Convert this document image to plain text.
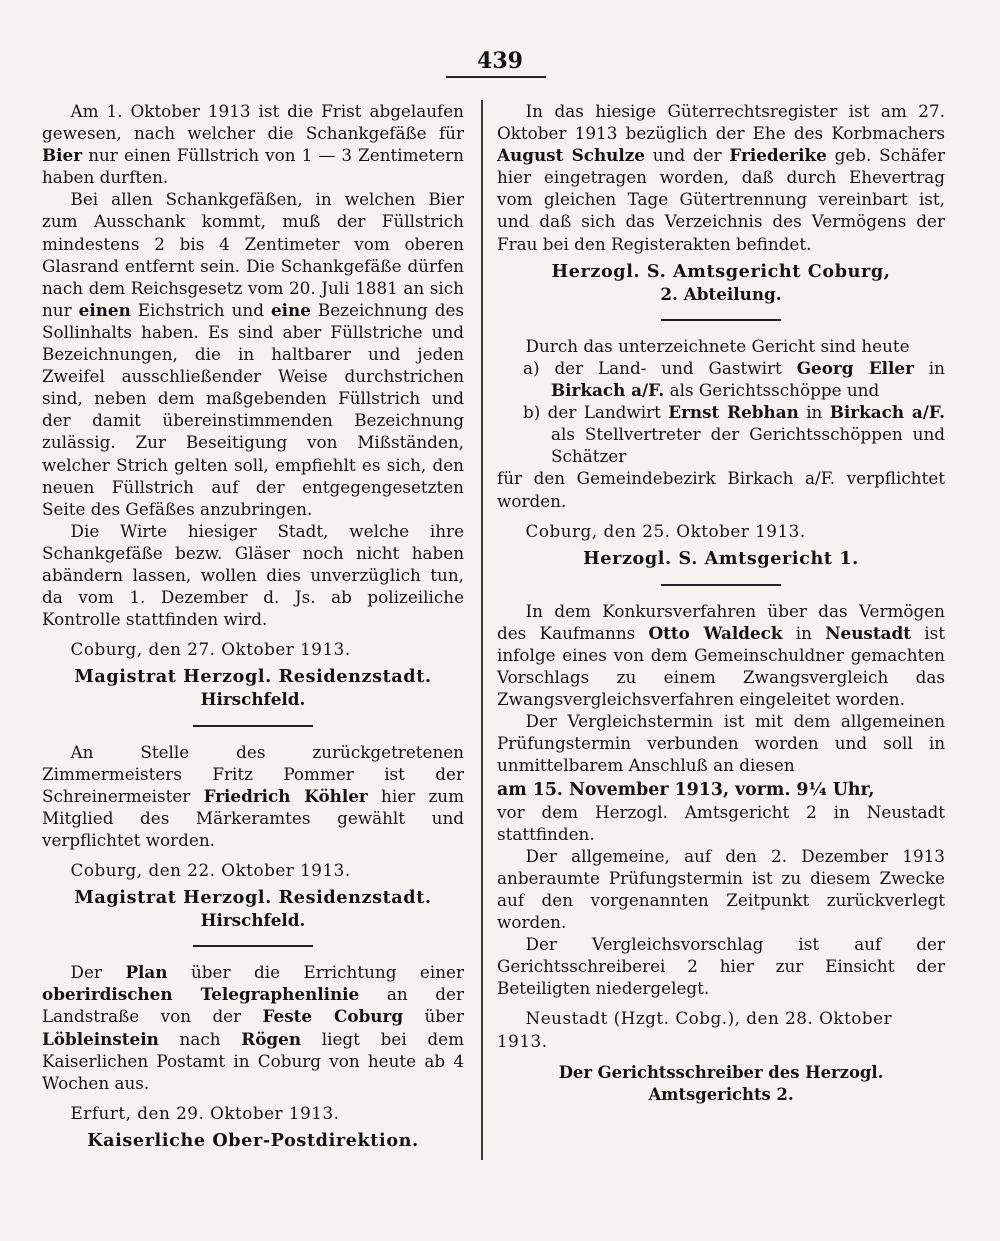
439

Am 1. Oktober 1913 ist die Frist abgelaufen gewesen, nach welcher die Schankgefäße für Bier nur einen Füllstrich von 1 — 3 Zentimetern haben durften.

Bei allen Schankgefäßen, in welchen Bier zum Ausschank kommt, muß der Füllstrich mindestens 2 bis 4 Zentimeter vom oberen Glasrand entfernt sein. Die Schankgefäße dürfen nach dem Reichsgesetz vom 20. Juli 1881 an sich nur einen Eichstrich und eine Bezeichnung des Sollinhalts haben. Es sind aber Füllstriche und Bezeichnungen, die in haltbarer und jeden Zweifel ausschließender Weise durchstrichen sind, neben dem maßgebenden Füllstrich und der damit übereinstimmenden Bezeichnung zulässig. Zur Beseitigung von Mißständen, welcher Strich gelten soll, empfiehlt es sich, den neuen Füllstrich auf der entgegengesetzten Seite des Gefäßes anzubringen.

Die Wirte hiesiger Stadt, welche ihre Schankgefäße bezw. Gläser noch nicht haben abändern lassen, wollen dies unverzüglich tun, da vom 1. Dezember d. Js. ab polizeiliche Kontrolle stattfinden wird.

Coburg, den 27. Oktober 1913.

Magistrat Herzogl. Residenzstadt.

Hirschfeld.

An Stelle des zurückgetretenen Zimmermeisters Fritz Pommer ist der Schreinermeister Friedrich Köhler hier zum Mitglied des Märkeramtes gewählt und verpflichtet worden.

Coburg, den 22. Oktober 1913.

Magistrat Herzogl. Residenzstadt.

Hirschfeld.

Der Plan über die Errichtung einer oberirdischen Telegraphenlinie an der Landstraße von der Feste Coburg über Löbleinstein nach Rögen liegt bei dem Kaiserlichen Postamt in Coburg von heute ab 4 Wochen aus.

Erfurt, den 29. Oktober 1913.

Kaiserliche Ober-Postdirektion.

In das hiesige Güterrechtsregister ist am 27. Oktober 1913 bezüglich der Ehe des Korbmachers August Schulze und der Friederike geb. Schäfer hier eingetragen worden, daß durch Ehevertrag vom gleichen Tage Gütertrennung vereinbart ist, und daß sich das Verzeichnis des Vermögens der Frau bei den Registerakten befindet.

Herzogl. S. Amtsgericht Coburg,

2. Abteilung.

Durch das unterzeichnete Gericht sind heute

a) der Land- und Gastwirt Georg Eller in Birkach a/F. als Gerichtsschöppe und

b) der Landwirt Ernst Rebhan in Birkach a/F. als Stellvertreter der Gerichtsschöppen und Schätzer

für den Gemeindebezirk Birkach a/F. verpflichtet worden.

Coburg, den 25. Oktober 1913.

Herzogl. S. Amtsgericht 1.

In dem Konkursverfahren über das Vermögen des Kaufmanns Otto Waldeck in Neustadt ist infolge eines von dem Gemeinschuldner gemachten Vorschlags zu einem Zwangsvergleich das Zwangsvergleichsverfahren eingeleitet worden.

Der Vergleichstermin ist mit dem allgemeinen Prüfungstermin verbunden worden und soll in unmittelbarem Anschluß an diesen

am 15. November 1913, vorm. 9¼ Uhr,

vor dem Herzogl. Amtsgericht 2 in Neustadt stattfinden.

Der allgemeine, auf den 2. Dezember 1913 anberaumte Prüfungstermin ist zu diesem Zwecke auf den vorgenannten Zeitpunkt zurückverlegt worden.

Der Vergleichsvorschlag ist auf der Gerichtsschreiberei 2 hier zur Einsicht der Beteiligten niedergelegt.

Neustadt (Hzgt. Cobg.), den 28. Oktober 1913.

Der Gerichtsschreiber des Herzogl. Amtsgerichts 2.
